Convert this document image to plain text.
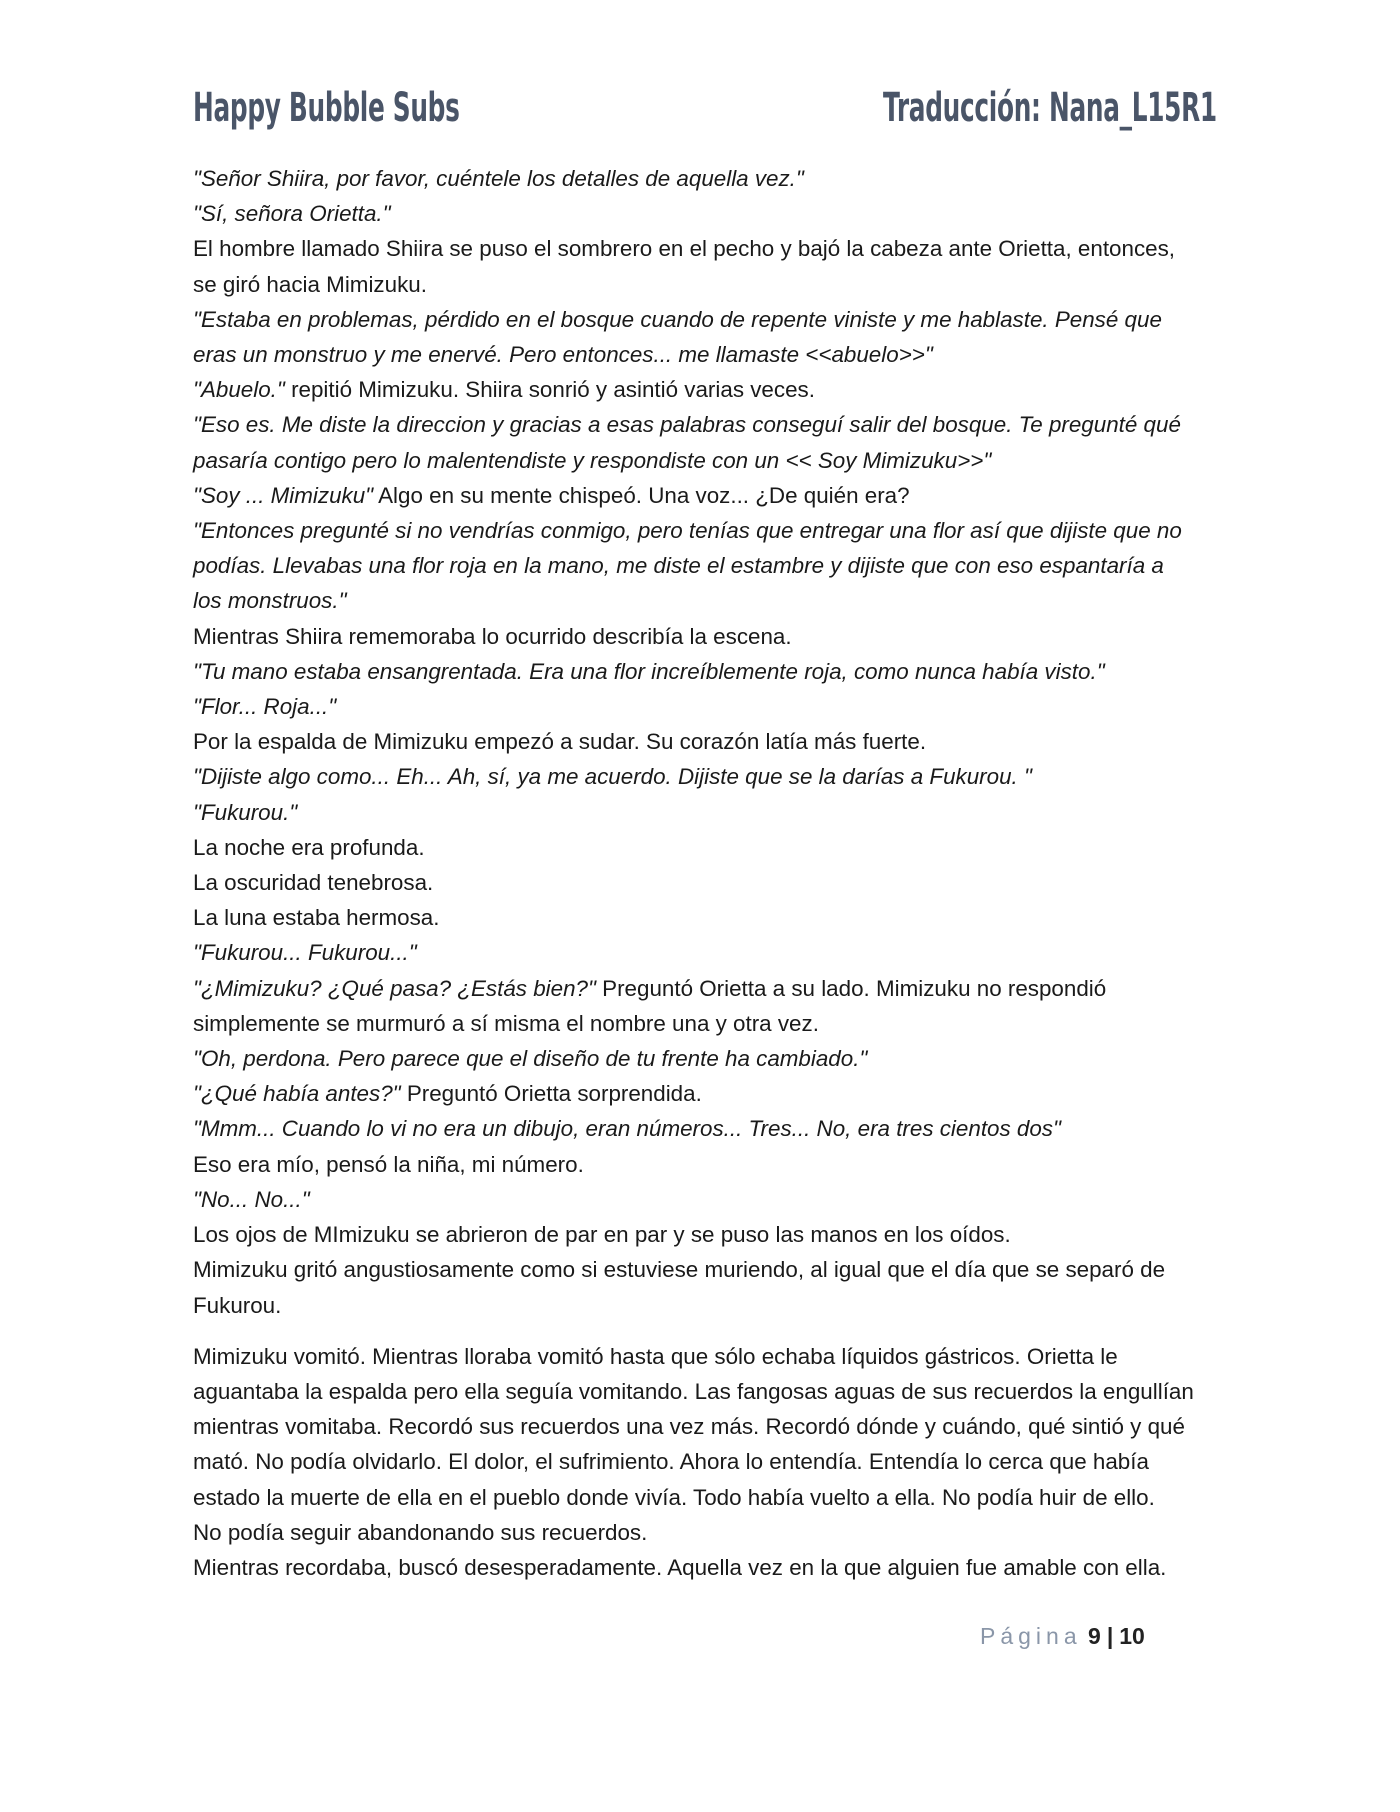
Happy Bubble Subs	Traducción: Nana_L15R1

"Señor Shiira, por favor, cuéntele los detalles de aquella vez."

"Sí, señora Orietta."

El hombre llamado Shiira se puso el sombrero en el pecho y bajó la cabeza ante Orietta, entonces,

se giró hacia Mimizuku.

"Estaba en problemas, pérdido en el bosque cuando de repente viniste y me hablaste. Pensé que

eras un monstruo y me enervé. Pero entonces... me llamaste <<abuelo>>"

"Abuelo." repitió Mimizuku. Shiira sonrió y asintió varias veces.

"Eso es. Me diste la direccion y gracias a esas palabras conseguí salir del bosque. Te pregunté qué

pasaría contigo pero lo malentendiste y respondiste con un << Soy Mimizuku>>"

"Soy ... Mimizuku" Algo en su mente chispeó. Una voz... ¿De quién era?

"Entonces pregunté si no vendrías conmigo, pero tenías que entregar una flor así que dijiste que no

podías. Llevabas una flor roja en la mano, me diste el estambre y dijiste que con eso espantaría a

los monstruos."

Mientras Shiira rememoraba lo ocurrido describía la escena.

"Tu mano estaba ensangrentada. Era una flor increíblemente roja, como nunca había visto."

"Flor... Roja..."

Por la espalda de Mimizuku empezó a sudar. Su corazón latía más fuerte.

"Dijiste algo como... Eh... Ah, sí, ya me acuerdo. Dijiste que se la darías a Fukurou. "

"Fukurou."

La noche era profunda.

La oscuridad tenebrosa.

La luna estaba hermosa.

"Fukurou... Fukurou..."

"¿Mimizuku? ¿Qué pasa? ¿Estás bien?" Preguntó Orietta a su lado. Mimizuku no respondió

simplemente se murmuró a sí misma el nombre una y otra vez.

"Oh, perdona. Pero parece que el diseño de tu frente ha cambiado."

"¿Qué había antes?" Preguntó Orietta sorprendida.

"Mmm... Cuando lo vi no era un dibujo, eran números... Tres... No, era tres cientos dos"

Eso era mío, pensó la niña, mi número.

"No... No..."

Los ojos de MImizuku se abrieron de par en par y se puso las manos en los oídos.

Mimizuku gritó angustiosamente como si estuviese muriendo, al igual que el día que se separó de

Fukurou.

Mimizuku vomitó. Mientras lloraba vomitó hasta que sólo echaba líquidos gástricos. Orietta le

aguantaba la espalda pero ella seguía vomitando. Las fangosas aguas de sus recuerdos la engullían

mientras vomitaba. Recordó sus recuerdos una vez más. Recordó dónde y cuándo, qué sintió y qué

mató. No podía olvidarlo. El dolor, el sufrimiento. Ahora lo entendía. Entendía lo cerca que había

estado la muerte de ella en el pueblo donde vivía. Todo había vuelto a ella. No podía huir de ello.

No podía seguir abandonando sus recuerdos.

Mientras recordaba, buscó desesperadamente. Aquella vez en la que alguien fue amable con ella.

Página 9 | 10
